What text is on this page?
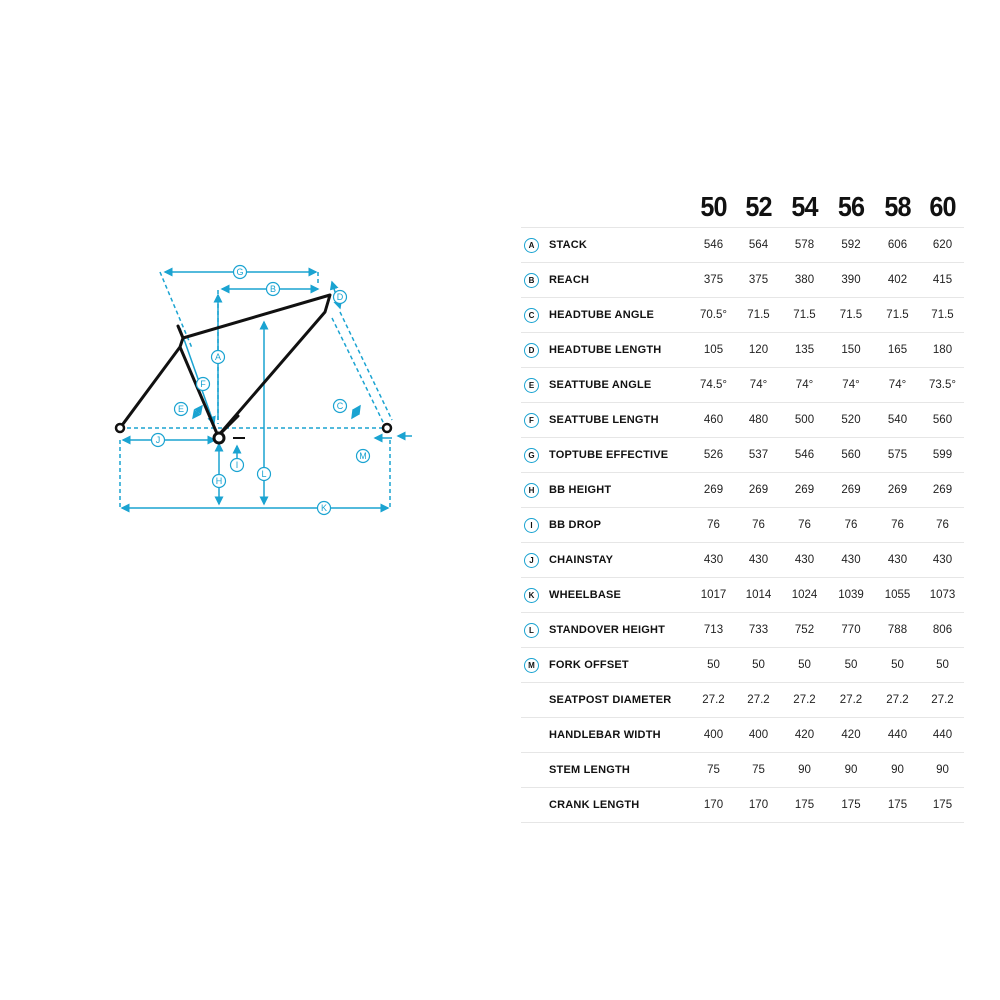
A
B
C
D
E
F
G
H
I
J
K
L
M
		50	52	54	56	58	60
A	STACK	546	564	578	592	606	620
B	REACH	375	375	380	390	402	415
C	HEADTUBE ANGLE	70.5°	71.5	71.5	71.5	71.5	71.5
D	HEADTUBE LENGTH	105	120	135	150	165	180
E	SEATTUBE ANGLE	74.5°	74°	74°	74°	74°	73.5°
F	SEATTUBE LENGTH	460	480	500	520	540	560
G	TOPTUBE EFFECTIVE	526	537	546	560	575	599
H	BB HEIGHT	269	269	269	269	269	269
I	BB DROP	76	76	76	76	76	76
J	CHAINSTAY	430	430	430	430	430	430
K	WHEELBASE	1017	1014	1024	1039	1055	1073
L	STANDOVER HEIGHT	713	733	752	770	788	806
M	FORK OFFSET	50	50	50	50	50	50
	SEATPOST DIAMETER	27.2	27.2	27.2	27.2	27.2	27.2
	HANDLEBAR WIDTH	400	400	420	420	440	440
	STEM LENGTH	75	75	90	90	90	90
	CRANK LENGTH	170	170	175	175	175	175
